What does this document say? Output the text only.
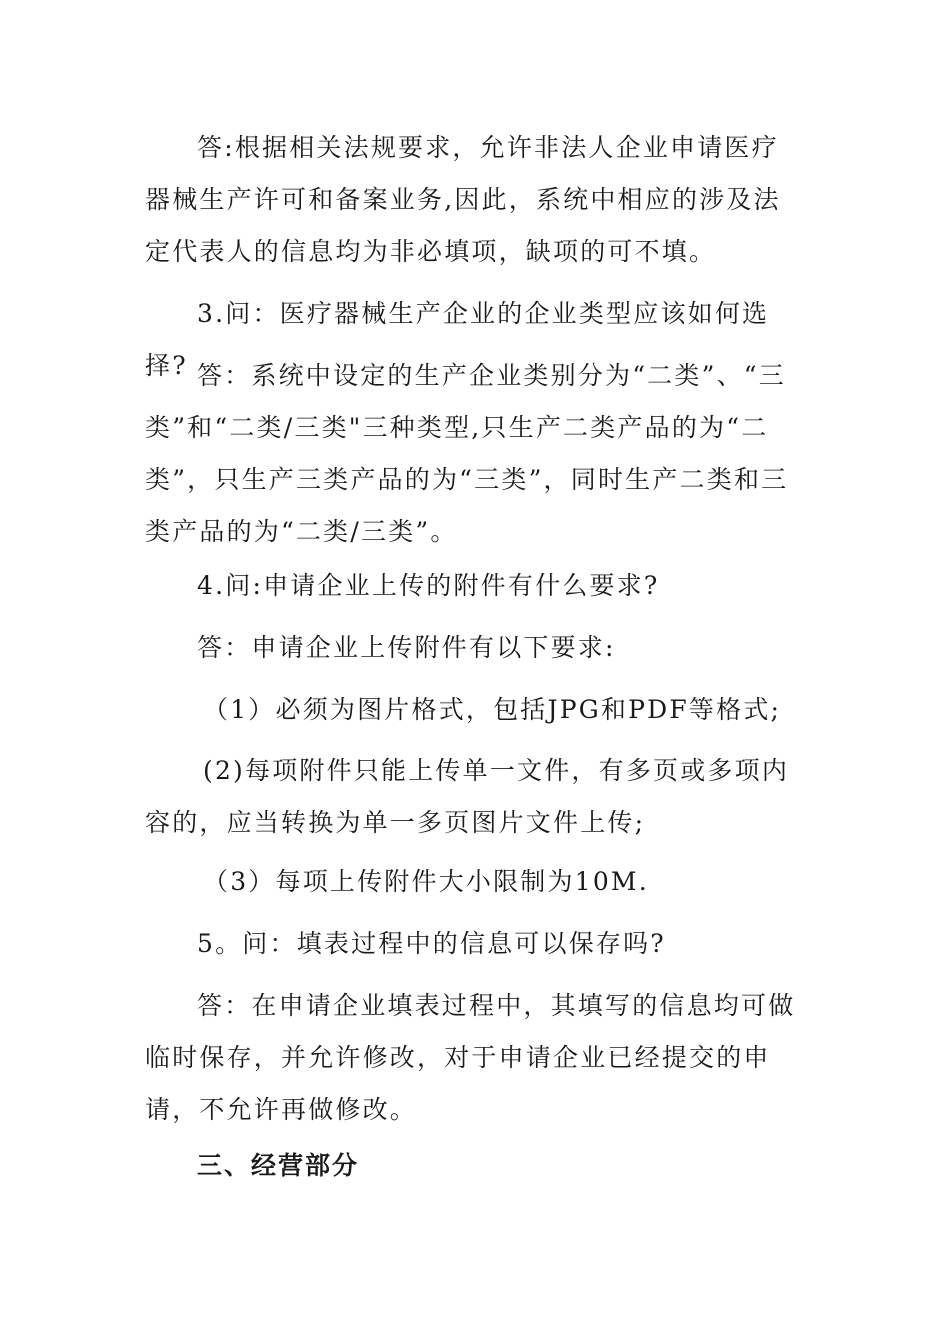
答:根据相关法规要求，允许非法人企业申请医疗器械生产许可和备案业务,因此，系统中相应的涉及法定代表人的信息均为非必填项，缺项的可不填。

3.问：医疗器械生产企业的企业类型应该如何选择? 答：系统中设定的生产企业类别分为“二类”、“三类”和“二类/三类"三种类型,只生产二类产品的为“二类”，只生产三类产品的为“三类”，同时生产二类和三类产品的为“二类/三类”。

4.问:申请企业上传的附件有什么要求?

答：申请企业上传附件有以下要求:

（1）必须为图片格式，包括JPG和PDF等格式;

(2)每项附件只能上传单一文件，有多页或多项内容的，应当转换为单一多页图片文件上传;

（3）每项上传附件大小限制为10M.

5。问：填表过程中的信息可以保存吗?

答：在申请企业填表过程中，其填写的信息均可做临时保存，并允许修改，对于申请企业已经提交的申请，不允许再做修改。

三、经营部分
